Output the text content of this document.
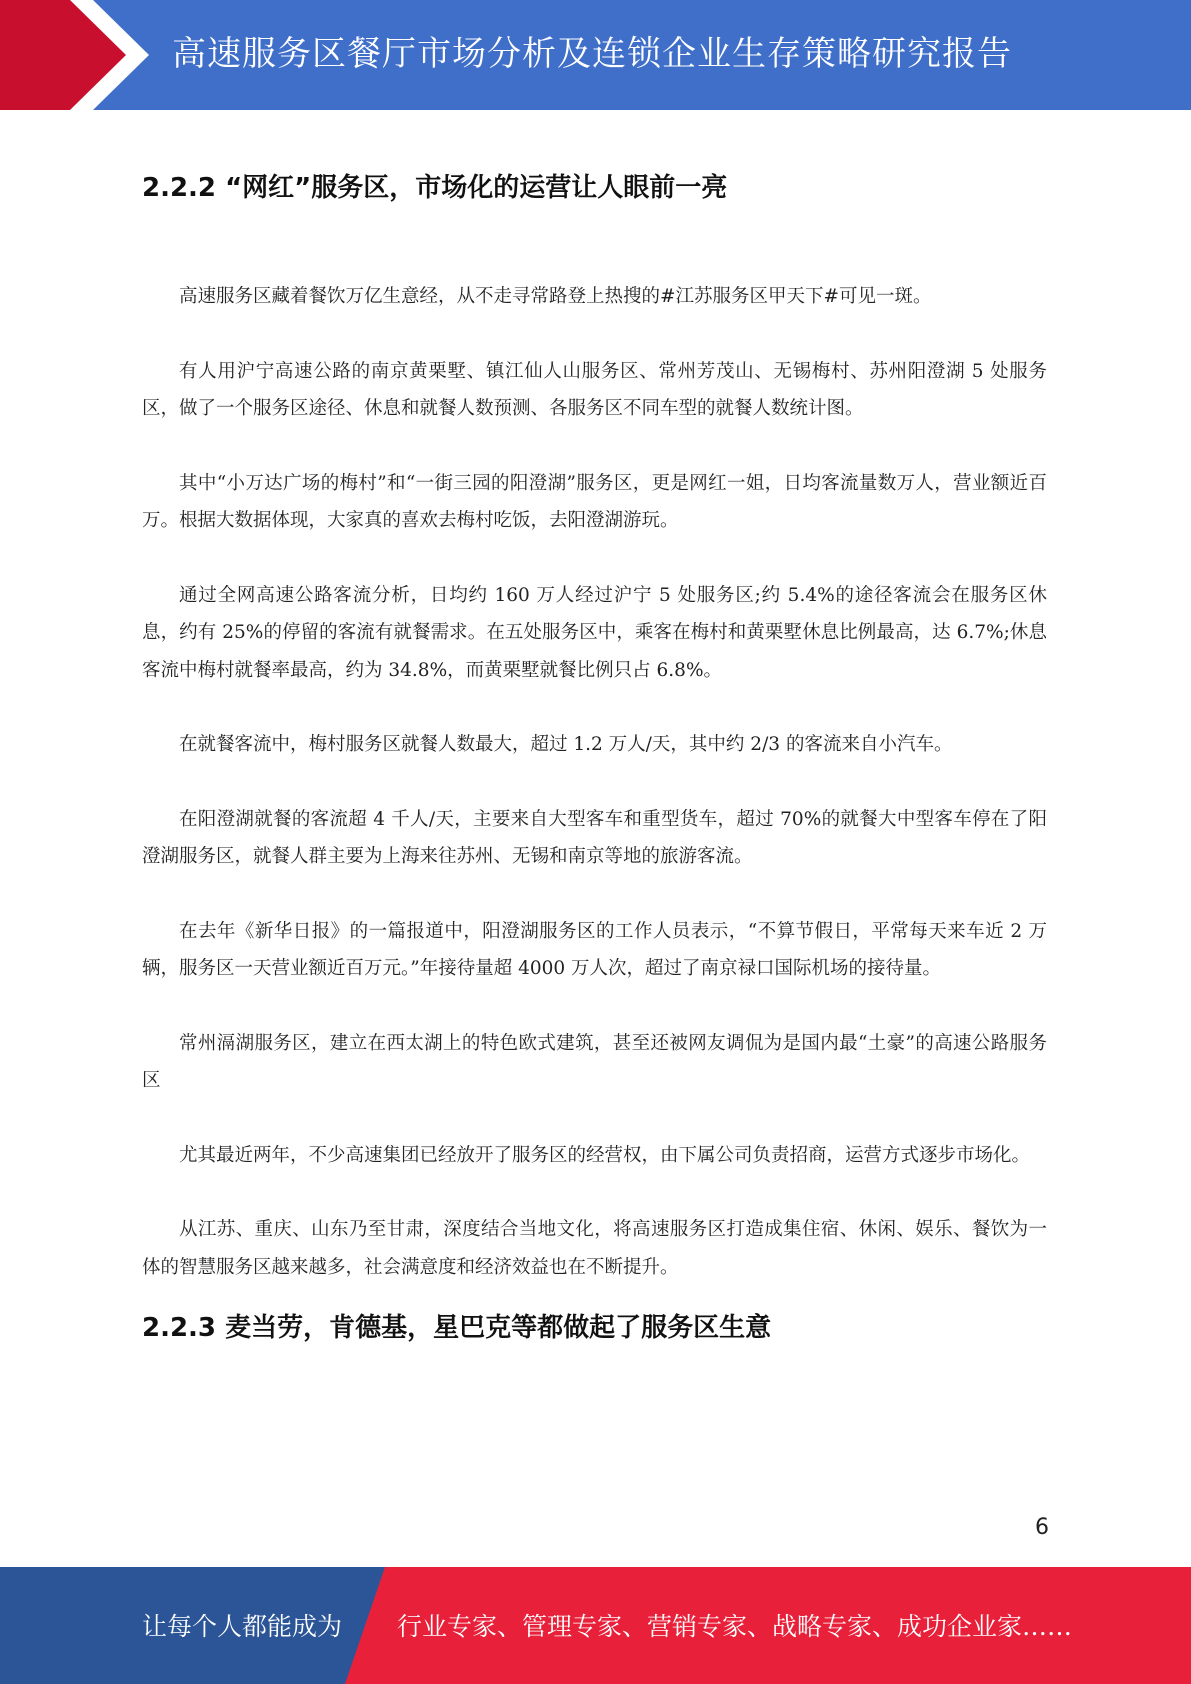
高速服务区餐厅市场分析及连锁企业生存策略研究报告
2.2.2 “网红”服务区，市场化的运营让人眼前一亮

高速服务区藏着餐饮万亿生意经，从不走寻常路登上热搜的#江苏服务区甲天下#可见一斑。

有人用沪宁高速公路的南京黄栗墅、镇江仙人山服务区、常州芳茂山、无锡梅村、苏州阳澄湖 5 处服务区，做了一个服务区途径、休息和就餐人数预测、各服务区不同车型的就餐人数统计图。

其中“小万达广场的梅村”和“一街三园的阳澄湖”服务区，更是网红一姐，日均客流量数万人，营业额近百万。根据大数据体现，大家真的喜欢去梅村吃饭，去阳澄湖游玩。

通过全网高速公路客流分析，日均约 160 万人经过沪宁 5 处服务区;约 5.4%的途径客流会在服务区休息，约有 25%的停留的客流有就餐需求。在五处服务区中，乘客在梅村和黄栗墅休息比例最高，达 6.7%;休息客流中梅村就餐率最高，约为 34.8%，而黄栗墅就餐比例只占 6.8%。

在就餐客流中，梅村服务区就餐人数最大，超过 1.2 万人/天，其中约 2/3 的客流来自小汽车。

在阳澄湖就餐的客流超 4 千人/天，主要来自大型客车和重型货车，超过 70%的就餐大中型客车停在了阳澄湖服务区，就餐人群主要为上海来往苏州、无锡和南京等地的旅游客流。

在去年《新华日报》的一篇报道中，阳澄湖服务区的工作人员表示，“不算节假日，平常每天来车近 2 万辆，服务区一天营业额近百万元。”年接待量超 4000 万人次，超过了南京禄口国际机场的接待量。

常州滆湖服务区，建立在西太湖上的特色欧式建筑，甚至还被网友调侃为是国内最“土豪”的高速公路服务区

尤其最近两年，不少高速集团已经放开了服务区的经营权，由下属公司负责招商，运营方式逐步市场化。

从江苏、重庆、山东乃至甘肃，深度结合当地文化，将高速服务区打造成集住宿、休闲、娱乐、餐饮为一体的智慧服务区越来越多，社会满意度和经济效益也在不断提升。

2.2.3 麦当劳，肯德基，星巴克等都做起了服务区生意
6
让每个人都能成为 行业专家、管理专家、营销专家、战略专家、成功企业家……
